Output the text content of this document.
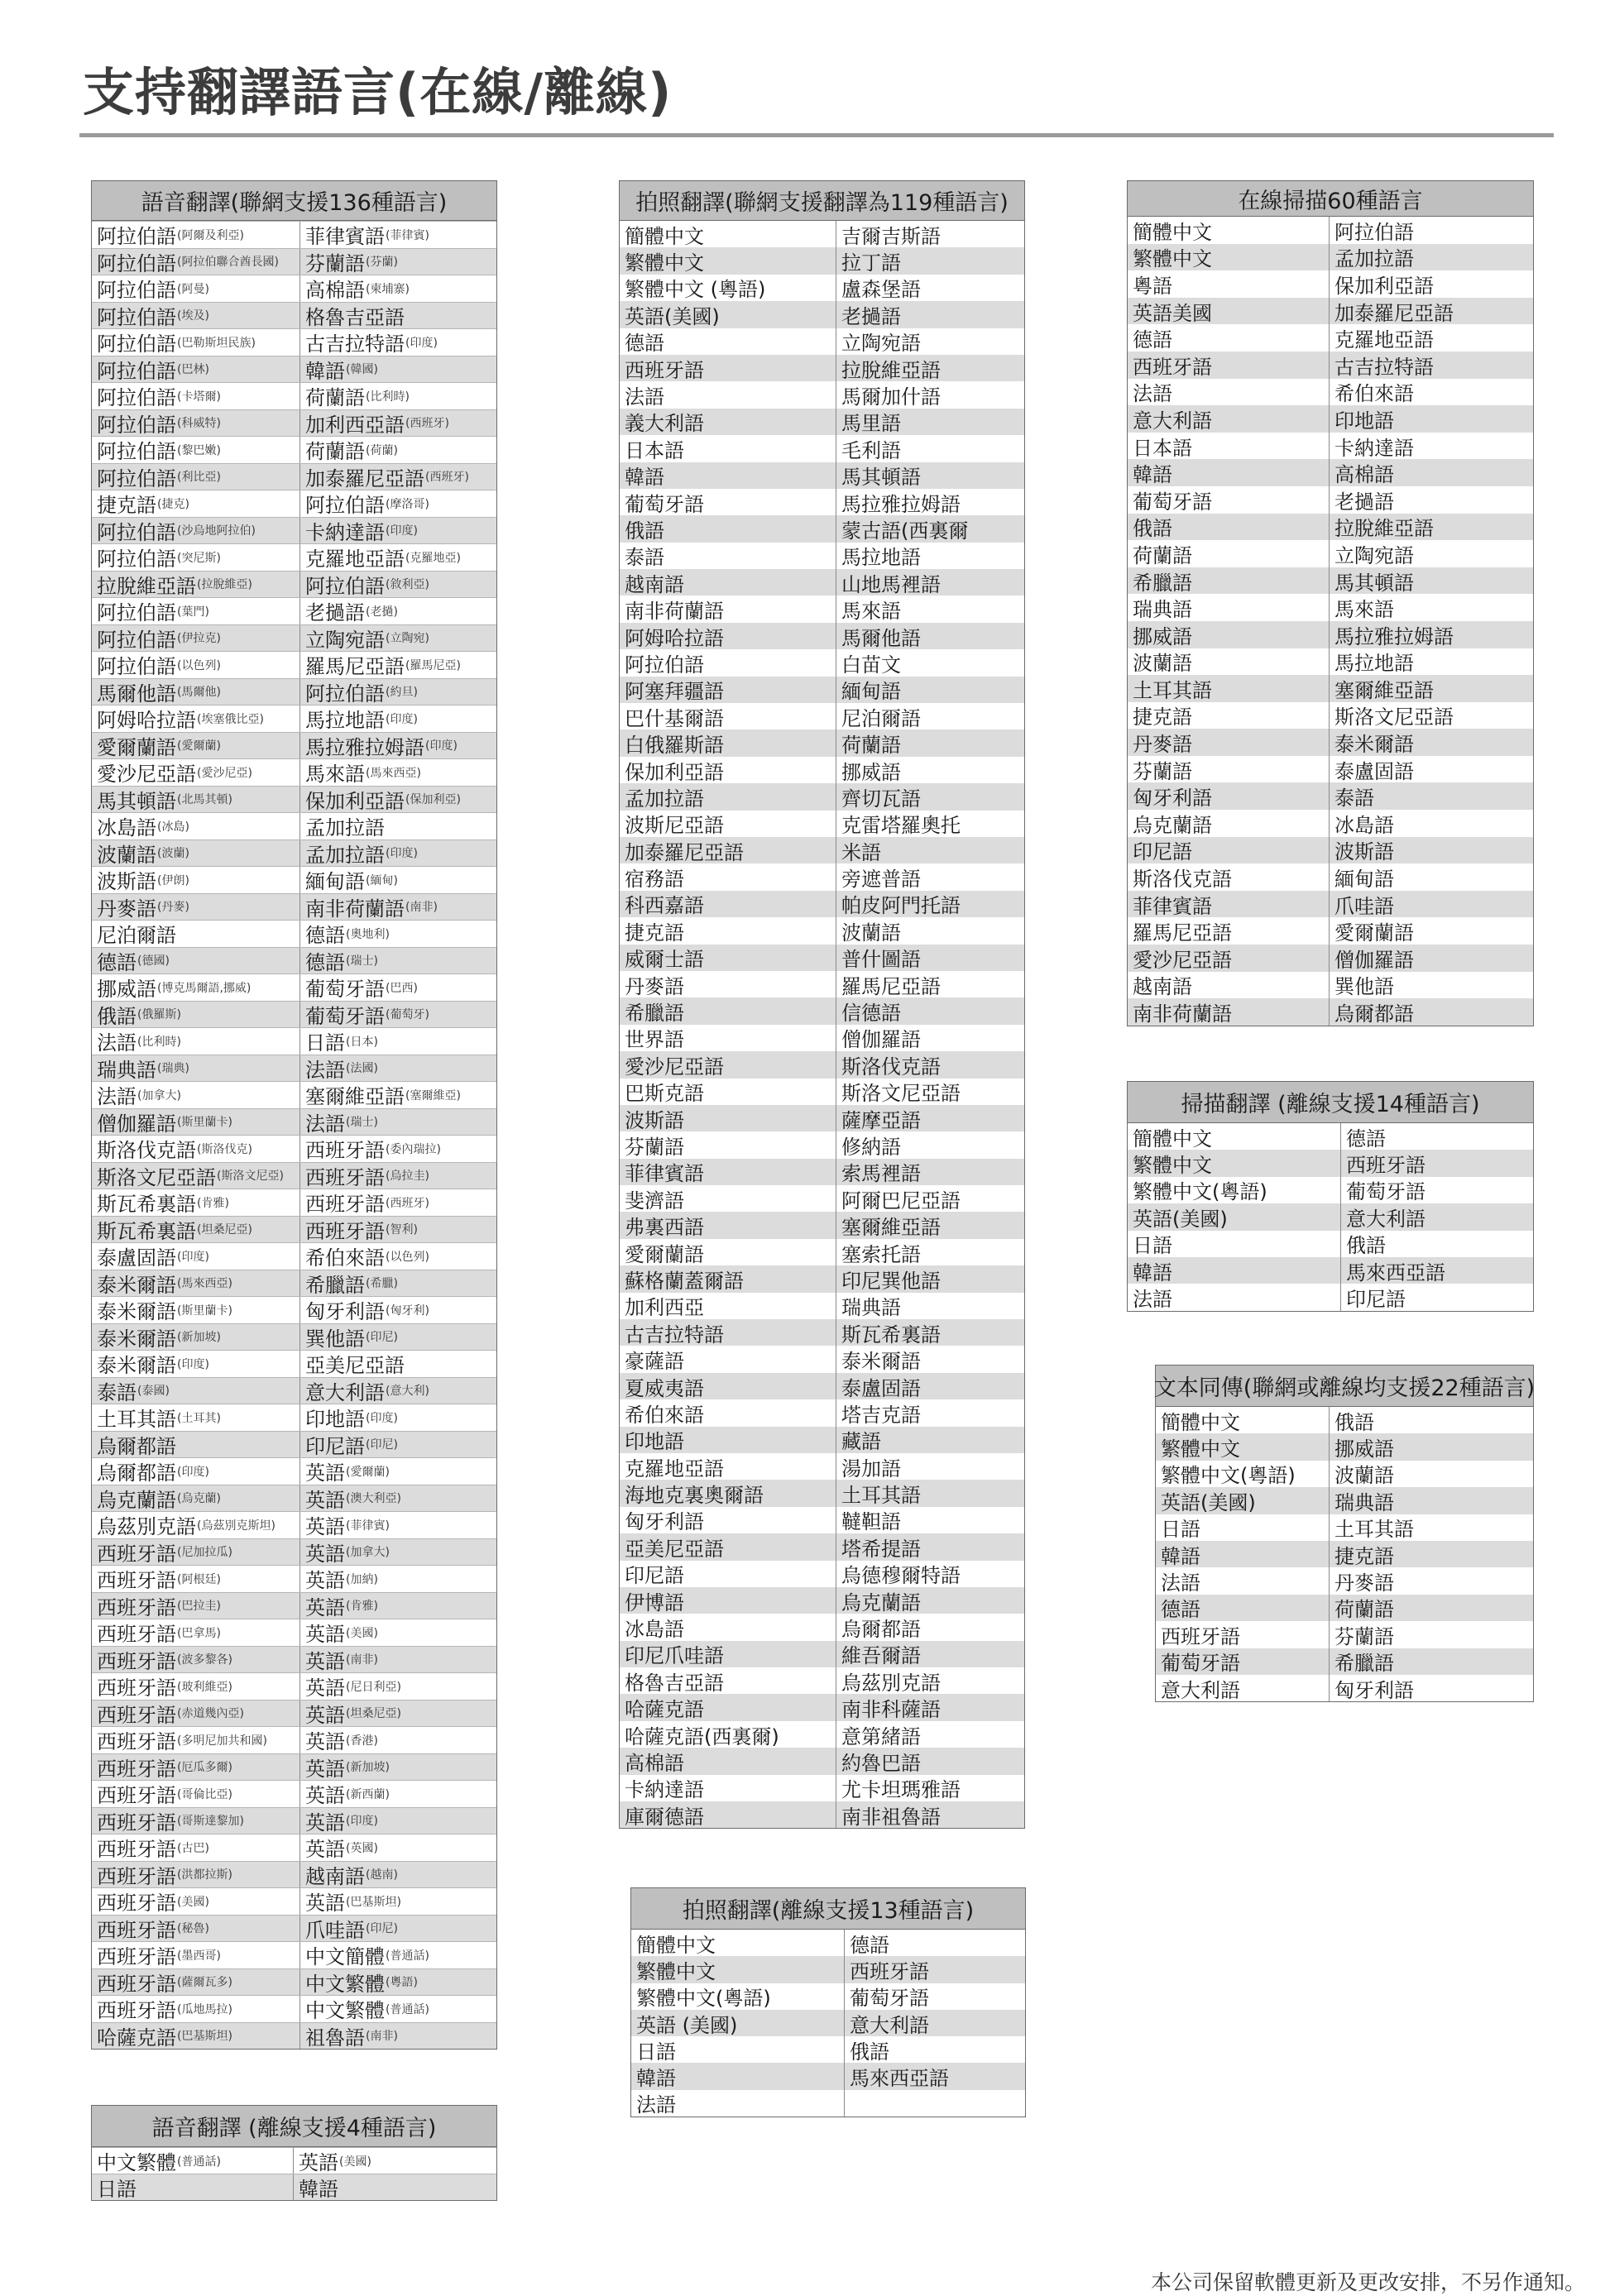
支持翻譯語言(在線/離線)
語音翻譯(聯網支援136種語言)
阿拉伯語 (阿爾及利亞)	菲律賓語 (菲律賓)
阿拉伯語 (阿拉伯聯合酋長國) 芬蘭語 (芬蘭)
阿拉伯語 (阿曼)	高棉語 (柬埔寨)
阿拉伯語 (埃及)	格魯吉亞語
阿拉伯語 (巴勒斯坦民族)	古吉拉特語 (印度)
阿拉伯語 (巴林)	韓語 (韓國)
阿拉伯語 (卡塔爾)	荷蘭語 (比利時)
阿拉伯語 (科威特)	加利西亞語 (西班牙)
阿拉伯語 (黎巴嫩)	荷蘭語 (荷蘭)
阿拉伯語 (利比亞)	加泰羅尼亞語 (西班牙)
捷克語 (捷克)	阿拉伯語 (摩洛哥)
阿拉伯語 (沙烏地阿拉伯)	卡納達語 (印度)
阿拉伯語 (突尼斯)	克羅地亞語 (克羅地亞)
拉脫維亞語 (拉脫維亞)	阿拉伯語 (敘利亞)
阿拉伯語 (葉門)	老撾語 (老撾)
阿拉伯語 (伊拉克)	立陶宛語 (立陶宛)
阿拉伯語 (以色列)	羅馬尼亞語 (羅馬尼亞)
馬爾他語 (馬爾他)	阿拉伯語 (約旦)
阿姆哈拉語 (埃塞俄比亞) 馬拉地語 (印度)
愛爾蘭語 (愛爾蘭)	馬拉雅拉姆語 (印度)
愛沙尼亞語 (愛沙尼亞)	馬來語 (馬來西亞)
馬其頓語 (北馬其頓)	保加利亞語 (保加利亞)
冰島語 (冰島)	孟加拉語
波蘭語 (波蘭)	孟加拉語 (印度)
波斯語 (伊朗)	緬甸語 (緬甸)
丹麥語 (丹麥)	南非荷蘭語 (南非)
尼泊爾語	德語 (奧地利)
德語 (德國)	德語 (瑞士)
挪威語 (博克馬爾語,挪威)	葡萄牙語 (巴西)
俄語 (俄羅斯)	葡萄牙語 (葡萄牙)
法語 (比利時)	日語 (日本)
瑞典語 (瑞典)	法語 (法國)
法語 (加拿大)	塞爾維亞語 (塞爾維亞)
僧伽羅語 (斯里蘭卡)	法語 (瑞士)
斯洛伐克語 (斯洛伐克)	西班牙語 (委內瑞拉)
斯洛文尼亞語 (斯洛文尼亞) 西班牙語 (烏拉圭)
斯瓦希裏語 (肯雅)	西班牙語 (西班牙)
斯瓦希裏語 (坦桑尼亞)	西班牙語 (智利)
泰盧固語 (印度)	希伯來語 (以色列)
泰米爾語 (馬來西亞)	希臘語 (希臘)
泰米爾語 (斯里蘭卡)	匈牙利語 (匈牙利)
泰米爾語 (新加坡)	巽他語 (印尼)
泰米爾語 (印度)	亞美尼亞語
泰語 (泰國)	意大利語 (意大利)
土耳其語 (土耳其)	印地語 (印度)
烏爾都語	印尼語 (印尼)
烏爾都語 (印度)	英語 (愛爾蘭)
烏克蘭語 (烏克蘭)	英語 (澳大利亞)
烏茲別克語 (烏茲別克斯坦) 英語 (菲律賓)
西班牙語 (尼加拉瓜)	英語 (加拿大)
西班牙語 (阿根廷)	英語 (加納)
西班牙語 (巴拉圭)	英語 (肯雅)
西班牙語 (巴拿馬)	英語 (美國)
西班牙語 (波多黎各)	英語 (南非)
西班牙語 (玻利維亞)	英語 (尼日利亞)
西班牙語 (赤道幾內亞)	英語 (坦桑尼亞)
西班牙語 (多明尼加共和國) 英語 (香港)
西班牙語 (厄瓜多爾)	英語 (新加坡)
西班牙語 (哥倫比亞)	英語 (新西蘭)
西班牙語 (哥斯達黎加)	英語 (印度)
西班牙語 (古巴)	英語 (英國)
西班牙語 (洪都拉斯)	越南語 (越南)
西班牙語 (美國)	英語 (巴基斯坦)
西班牙語 (秘魯)	爪哇語 (印尼)
西班牙語 (墨西哥)	中文簡體 (普通話)
西班牙語 (薩爾瓦多)	中文繁體 (粵語)
西班牙語 (瓜地馬拉)	中文繁體 (普通話)
哈薩克語 (巴基斯坦)	祖魯語 (南非)
語音翻譯 (離線支援4種語言)
中文繁體 (普通話)	英語 (美國)
日語	韓語
拍照翻譯(聯網支援翻譯為119種語言)
簡體中文	吉爾吉斯語
繁體中文	拉丁語
繁體中文 (粵語)	盧森堡語
英語(美國)	老撾語
德語	立陶宛語
西班牙語	拉脫維亞語
法語	馬爾加什語
義大利語	馬里語
日本語	毛利語
韓語	馬其頓語
葡萄牙語	馬拉雅拉姆語
俄語	蒙古語(西裏爾
泰語	馬拉地語
越南語	山地馬裡語
南非荷蘭語	馬來語
阿姆哈拉語	馬爾他語
阿拉伯語	白苗文
阿塞拜疆語	緬甸語
巴什基爾語	尼泊爾語
白俄羅斯語	荷蘭語
保加利亞語	挪威語
孟加拉語	齊切瓦語
波斯尼亞語	克雷塔羅奧托
加泰羅尼亞語	米語
宿務語	旁遮普語
科西嘉語	帕皮阿門托語
捷克語	波蘭語
威爾士語	普什圖語
丹麥語	羅馬尼亞語
希臘語	信德語
世界語	僧伽羅語
愛沙尼亞語	斯洛伐克語
巴斯克語	斯洛文尼亞語
波斯語	薩摩亞語
芬蘭語	修納語
菲律賓語	索馬裡語
斐濟語	阿爾巴尼亞語
弗裏西語	塞爾維亞語
愛爾蘭語	塞索托語
蘇格蘭蓋爾語	印尼巽他語
加利西亞	瑞典語
古吉拉特語	斯瓦希裏語
豪薩語	泰米爾語
夏威夷語	泰盧固語
希伯來語	塔吉克語
印地語	藏語
克羅地亞語	湯加語
海地克裏奧爾語	土耳其語
匈牙利語	韃靼語
亞美尼亞語	塔希提語
印尼語	烏德穆爾特語
伊博語	烏克蘭語
冰島語	烏爾都語
印尼爪哇語	維吾爾語
格魯吉亞語	烏茲別克語
哈薩克語	南非科薩語
哈薩克語(西裏爾)	意第緒語
高棉語	約魯巴語
卡納達語	尤卡坦瑪雅語
庫爾德語	南非祖魯語
拍照翻譯(離線支援13種語言)
簡體中文	德語
繁體中文	西班牙語
繁體中文(粵語)	葡萄牙語
英語 (美國)	意大利語
日語	俄語
韓語	馬來西亞語
法語
在線掃描60種語言
簡體中文	阿拉伯語
繁體中文	孟加拉語
粵語	保加利亞語
英語美國	加泰羅尼亞語
德語	克羅地亞語
西班牙語	古吉拉特語
法語	希伯來語
意大利語	印地語
日本語	卡納達語
韓語	高棉語
葡萄牙語	老撾語
俄語	拉脫維亞語
荷蘭語	立陶宛語
希臘語	馬其頓語
瑞典語	馬來語
挪威語	馬拉雅拉姆語
波蘭語	馬拉地語
土耳其語	塞爾維亞語
捷克語	斯洛文尼亞語
丹麥語	泰米爾語
芬蘭語	泰盧固語
匈牙利語	泰語
烏克蘭語	冰島語
印尼語	波斯語
斯洛伐克語	緬甸語
菲律賓語	爪哇語
羅馬尼亞語	愛爾蘭語
愛沙尼亞語	僧伽羅語
越南語	巽他語
南非荷蘭語	烏爾都語
掃描翻譯 (離線支援14種語言)
簡體中文	德語
繁體中文	西班牙語
繁體中文(粵語)	葡萄牙語
英語(美國)	意大利語
日語	俄語
韓語	馬來西亞語
法語	印尼語
文本同傳(聯網或離線均支援22種語言)
簡體中文	俄語
繁體中文	挪威語
繁體中文(粵語)	波蘭語
英語(美國)	瑞典語
日語	土耳其語
韓語	捷克語
法語	丹麥語
德語	荷蘭語
西班牙語	芬蘭語
葡萄牙語	希臘語
意大利語	匈牙利語
本公司保留軟體更新及更改安排，不另作通知。
